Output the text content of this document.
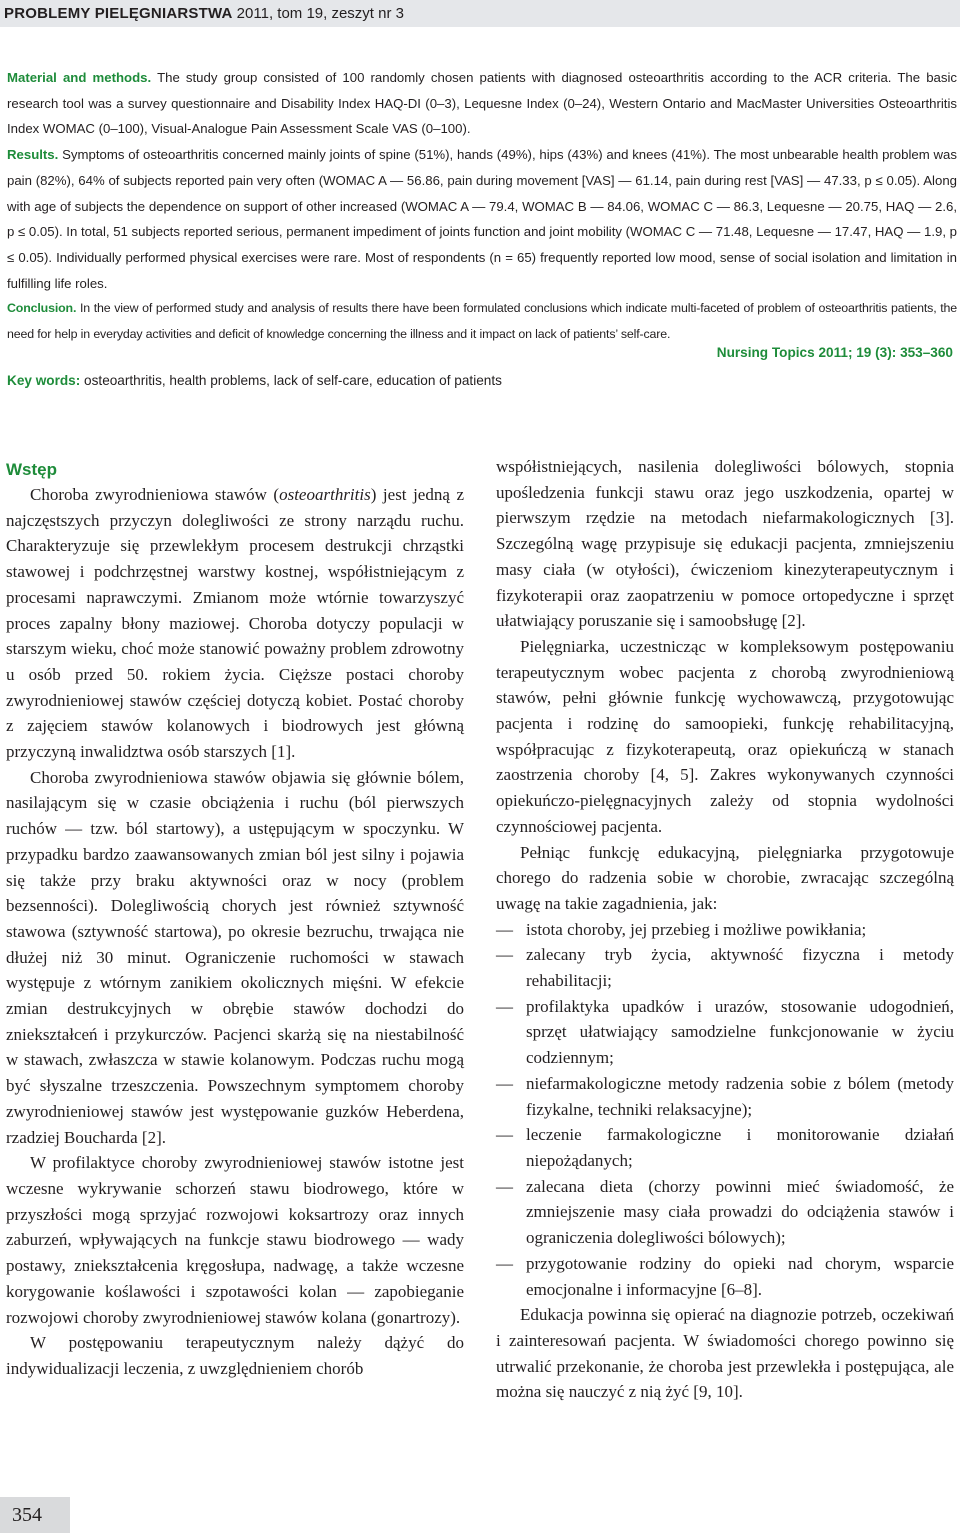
PROBLEMY PIELĘGNIARSTWA 2011, tom 19, zeszyt nr 3

Material and methods. The study group consisted of 100 randomly chosen patients with diagnosed osteoarthritis according to the ACR criteria. The basic research tool was a survey questionnaire and Disability Index HAQ-DI (0–3), Lequesne Index (0–24), Western Ontario and MacMaster Universities Osteoarthritis Index WOMAC (0–100), Visual-Analogue Pain Assessment Scale VAS (0–100).

Results. Symptoms of osteoarthritis concerned mainly joints of spine (51%), hands (49%), hips (43%) and knees (41%). The most unbearable health problem was pain (82%), 64% of subjects reported pain very often (WOMAC A — 56.86, pain during movement [VAS] — 61.14, pain during rest [VAS] — 47.33, p ≤ 0.05). Along with age of subjects the dependence on support of other increased (WOMAC A — 79.4, WOMAC B — 84.06, WOMAC C — 86.3, Lequesne — 20.75, HAQ — 2.6, p ≤ 0.05). In total, 51 subjects reported serious, permanent impediment of joints function and joint mobility (WOMAC C — 71.48, Lequesne — 17.47, HAQ — 1.9, p ≤ 0.05). Individually performed physical exercises were rare. Most of respondents (n = 65) frequently reported low mood, sense of social isolation and limitation in fulfilling life roles.

Conclusion. In the view of performed study and analysis of results there have been formulated conclusions which indicate multi-faceted of problem of osteoarthritis patients, the need for help in everyday activities and deficit of knowledge concerning the illness and it impact on lack of patients’ self-care.

Nursing Topics 2011; 19 (3): 353–360
Key words: osteoarthritis, health problems, lack of self-care, education of patients
Wstęp

Choroba zwyrodnieniowa stawów (osteoarthritis) jest jedną z najczęstszych przyczyn dolegliwości ze strony narządu ruchu. Charakteryzuje się przewlekłym procesem destrukcji chrząstki stawowej i podchrzęstnej warstwy kostnej, współistniejącym z procesami naprawczymi. Zmianom może wtórnie towarzyszyć proces zapalny błony maziowej. Choroba dotyczy populacji w starszym wieku, choć może stanowić poważny problem zdrowotny u osób przed 50. rokiem życia. Cięższe postaci choroby zwyrodnieniowej stawów częściej dotyczą kobiet. Postać choroby z zajęciem stawów kolanowych i biodrowych jest główną przyczyną inwalidztwa osób starszych [1].

Choroba zwyrodnieniowa stawów objawia się głównie bólem, nasilającym się w czasie obciążenia i ruchu (ból pierwszych ruchów — tzw. ból startowy), a ustępującym w spoczynku. W przypadku bardzo zaawansowanych zmian ból jest silny i pojawia się także przy braku aktywności oraz w nocy (problem bezsenności). Dolegliwością chorych jest również sztywność stawowa (sztywność startowa), po okresie bezruchu, trwająca nie dłużej niż 30 minut. Ograniczenie ruchomości w stawach występuje z wtórnym zanikiem okolicznych mięśni. W efekcie zmian destrukcyjnych w obrębie stawów dochodzi do zniekształceń i przykurczów. Pacjenci skarżą się na niestabilność w stawach, zwłaszcza w stawie kolanowym. Podczas ruchu mogą być słyszalne trzeszczenia. Powszechnym symptomem choroby zwyrodnieniowej stawów jest występowanie guzków Heberdena, rzadziej Boucharda [2].

W profilaktyce choroby zwyrodnieniowej stawów istotne jest wczesne wykrywanie schorzeń stawu biodrowego, które w przyszłości mogą sprzyjać rozwojowi koksartrozy oraz innych zaburzeń, wpływających na funkcje stawu biodrowego — wady postawy, zniekształcenia kręgosłupa, nadwagę, a także wczesne korygowanie koślawości i szpotawości kolan — zapobieganie rozwojowi choroby zwyrodnieniowej stawów kolana (gonartrozy).

W postępowaniu terapeutycznym należy dążyć do indywidualizacji leczenia, z uwzględnieniem chorób

współistniejących, nasilenia dolegliwości bólowych, stopnia upośledzenia funkcji stawu oraz jego uszkodzenia, opartej w pierwszym rzędzie na metodach niefarmakologicznych [3]. Szczególną wagę przypisuje się edukacji pacjenta, zmniejszeniu masy ciała (w otyłości), ćwiczeniom kinezyterapeutycznym i fizykoterapii oraz zaopatrzeniu w pomoce ortopedyczne i sprzęt ułatwiający poruszanie się i samoobsługę [2].

Pielęgniarka, uczestnicząc w kompleksowym postępowaniu terapeutycznym wobec pacjenta z chorobą zwyrodnieniową stawów, pełni głównie funkcję wychowawczą, przygotowując pacjenta i rodzinę do samoopieki, funkcję rehabilitacyjną, współpracując z fizykoterapeutą, oraz opiekuńczą w stanach zaostrzenia choroby [4, 5]. Zakres wykonywanych czynności opiekuńczo-pielęgnacyjnych zależy od stopnia wydolności czynnościowej pacjenta.

Pełniąc funkcję edukacyjną, pielęgniarka przygotowuje chorego do radzenia sobie w chorobie, zwracając szczególną uwagę na takie zagadnienia, jak:

— istota choroby, jej przebieg i możliwe powikłania;
— zalecany tryb życia, aktywność fizyczna i metody rehabilitacji;
— profilaktyka upadków i urazów, stosowanie udogodnień, sprzęt ułatwiający samodzielne funkcjonowanie w życiu codziennym;
— niefarmakologiczne metody radzenia sobie z bólem (metody fizykalne, techniki relaksacyjne);
— leczenie farmakologiczne i monitorowanie działań niepożądanych;
— zalecana dieta (chorzy powinni mieć świadomość, że zmniejszenie masy ciała prowadzi do odciążenia stawów i ograniczenia dolegliwości bólowych);
— przygotowanie rodziny do opieki nad chorym, wsparcie emocjonalne i informacyjne [6–8].

Edukacja powinna się opierać na diagnozie potrzeb, oczekiwań i zainteresowań pacjenta. W świadomości chorego powinno się utrwalić przekonanie, że choroba jest przewlekła i postępująca, ale można się nauczyć z nią żyć [9, 10].

354
